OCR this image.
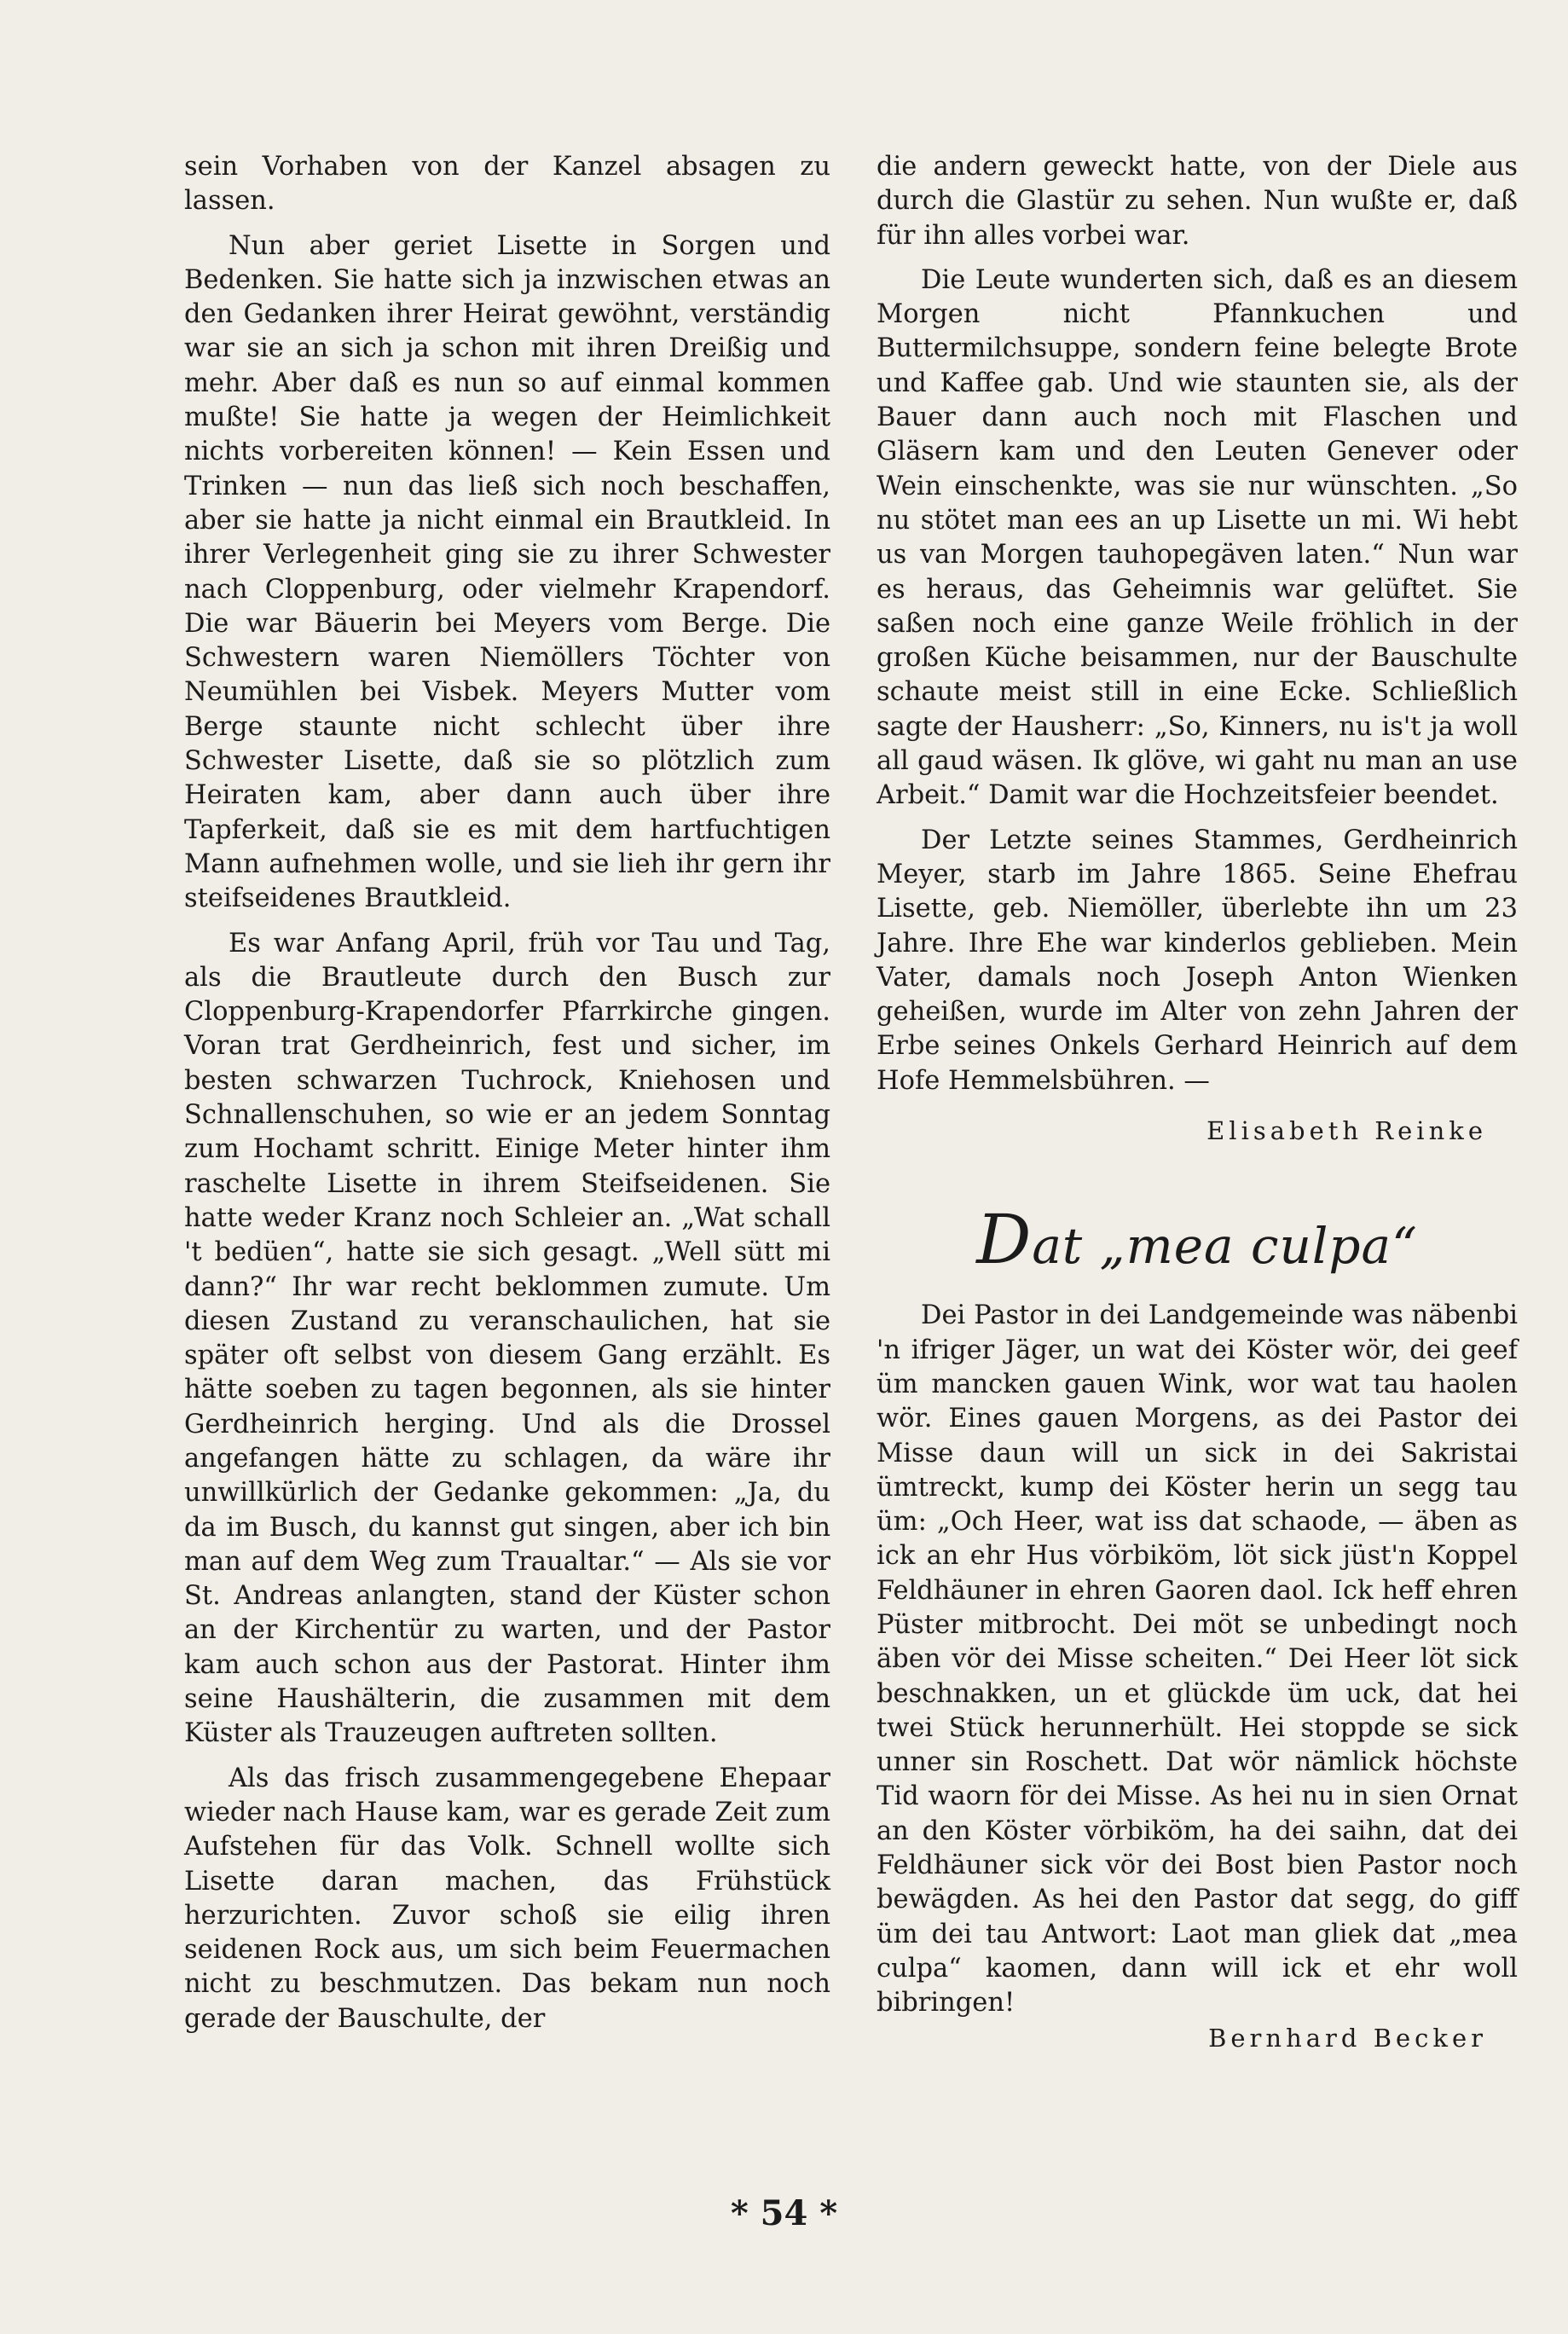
sein Vorhaben von der Kanzel absagen zu lassen.

Nun aber geriet Lisette in Sorgen und Bedenken. Sie hatte sich ja inzwischen etwas an den Gedanken ihrer Heirat gewöhnt, verständig war sie an sich ja schon mit ihren Dreißig und mehr. Aber daß es nun so auf einmal kommen mußte! Sie hatte ja wegen der Heimlichkeit nichts vorbereiten können! — Kein Essen und Trinken — nun das ließ sich noch beschaffen, aber sie hatte ja nicht einmal ein Brautkleid. In ihrer Verlegenheit ging sie zu ihrer Schwester nach Cloppenburg, oder vielmehr Krapendorf. Die war Bäuerin bei Meyers vom Berge. Die Schwestern waren Niemöllers Töchter von Neumühlen bei Visbek. Meyers Mutter vom Berge staunte nicht schlecht über ihre Schwester Lisette, daß sie so plötzlich zum Heiraten kam, aber dann auch über ihre Tapferkeit, daß sie es mit dem hartfuchtigen Mann aufnehmen wolle, und sie lieh ihr gern ihr steifseidenes Brautkleid.

Es war Anfang April, früh vor Tau und Tag, als die Brautleute durch den Busch zur Cloppenburg-Krapendorfer Pfarrkirche gingen. Voran trat Gerdheinrich, fest und sicher, im besten schwarzen Tuchrock, Kniehosen und Schnallenschuhen, so wie er an jedem Sonntag zum Hochamt schritt. Einige Meter hinter ihm raschelte Lisette in ihrem Steifseidenen. Sie hatte weder Kranz noch Schleier an. „Wat schall 't bedüen“, hatte sie sich gesagt. „Well sütt mi dann?“ Ihr war recht beklommen zumute. Um diesen Zustand zu veranschaulichen, hat sie später oft selbst von diesem Gang erzählt. Es hätte soeben zu tagen begonnen, als sie hinter Gerdheinrich herging. Und als die Drossel angefangen hätte zu schlagen, da wäre ihr unwillkürlich der Gedanke gekommen: „Ja, du da im Busch, du kannst gut singen, aber ich bin man auf dem Weg zum Traualtar.“ — Als sie vor St. Andreas anlangten, stand der Küster schon an der Kirchentür zu warten, und der Pastor kam auch schon aus der Pastorat. Hinter ihm seine Haushälterin, die zusammen mit dem Küster als Trauzeugen auftreten sollten.

Als das frisch zusammengegebene Ehepaar wieder nach Hause kam, war es gerade Zeit zum Aufstehen für das Volk. Schnell wollte sich Lisette daran machen, das Frühstück herzurichten. Zuvor schoß sie eilig ihren seidenen Rock aus, um sich beim Feuermachen nicht zu beschmutzen. Das bekam nun noch gerade der Bauschulte, der

die andern geweckt hatte, von der Diele aus durch die Glastür zu sehen. Nun wußte er, daß für ihn alles vorbei war.

Die Leute wunderten sich, daß es an diesem Morgen nicht Pfannkuchen und Buttermilchsuppe, sondern feine belegte Brote und Kaffee gab. Und wie staunten sie, als der Bauer dann auch noch mit Flaschen und Gläsern kam und den Leuten Genever oder Wein einschenkte, was sie nur wünschten. „So nu stötet man ees an up Lisette un mi. Wi hebt us van Morgen tauhopegäven laten.“ Nun war es heraus, das Geheimnis war gelüftet. Sie saßen noch eine ganze Weile fröhlich in der großen Küche beisammen, nur der Bauschulte schaute meist still in eine Ecke. Schließlich sagte der Hausherr: „So, Kinners, nu is't ja woll all gaud wäsen. Ik glöve, wi gaht nu man an use Arbeit.“ Damit war die Hochzeitsfeier beendet.

Der Letzte seines Stammes, Gerdheinrich Meyer, starb im Jahre 1865. Seine Ehefrau Lisette, geb. Niemöller, überlebte ihn um 23 Jahre. Ihre Ehe war kinderlos geblieben. Mein Vater, damals noch Joseph Anton Wienken geheißen, wurde im Alter von zehn Jahren der Erbe seines Onkels Gerhard Heinrich auf dem Hofe Hemmelsbühren. —

Elisabeth Reinke
Dat „mea culpa“

Dei Pastor in dei Landgemeinde was näbenbi 'n ifriger Jäger, un wat dei Köster wör, dei geef üm mancken gauen Wink, wor wat tau haolen wör. Eines gauen Morgens, as dei Pastor dei Misse daun will un sick in dei Sakristai ümtreckt, kump dei Köster herin un segg tau üm: „Och Heer, wat iss dat schaode, — äben as ick an ehr Hus vörbiköm, löt sick jüst'n Koppel Feldhäuner in ehren Gaoren daol. Ick heff ehren Püster mitbrocht. Dei möt se unbedingt noch äben vör dei Misse scheiten.“ Dei Heer löt sick beschnakken, un et glückde üm uck, dat hei twei Stück herunnerhült. Hei stoppde se sick unner sin Roschett. Dat wör nämlick höchste Tid waorn för dei Misse. As hei nu in sien Ornat an den Köster vörbiköm, ha dei saihn, dat dei Feldhäuner sick vör dei Bost bien Pastor noch bewägden. As hei den Pastor dat segg, do giff üm dei tau Antwort: Laot man gliek dat „mea culpa“ kaomen, dann will ick et ehr woll bibringen!

Bernhard Becker
* 54 *
